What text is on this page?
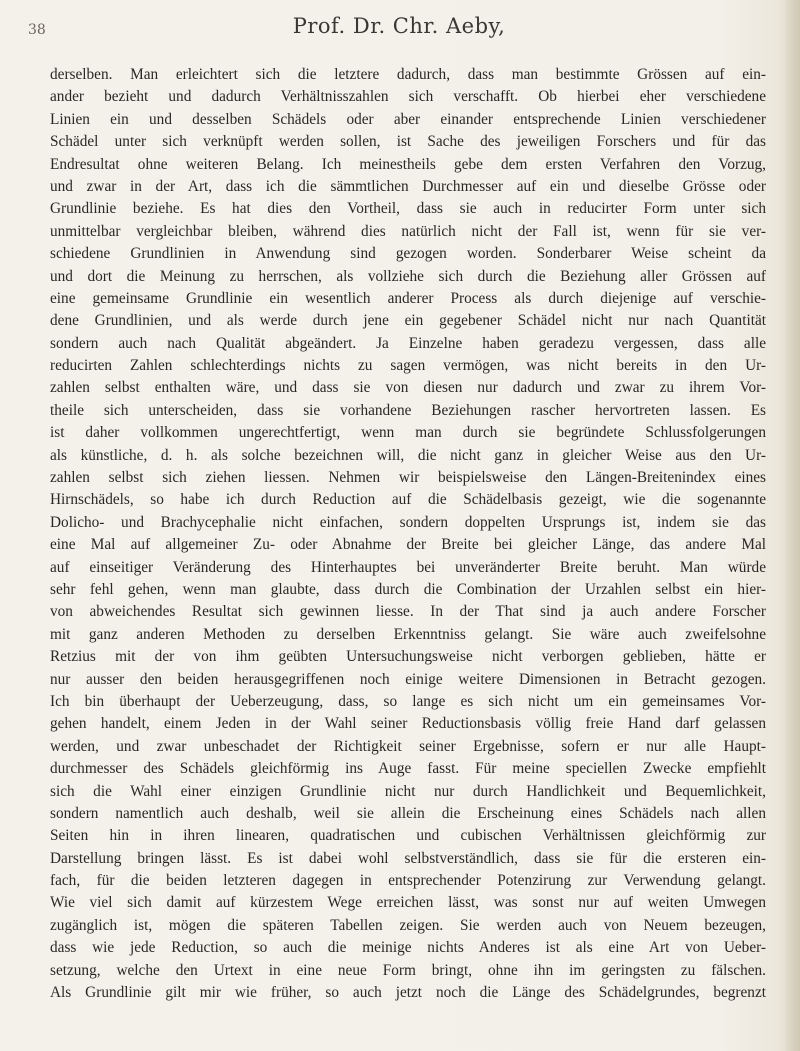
38	Prof. Dr. Chr. Aeby,
derselben. Man erleichtert sich die letztere dadurch, dass man bestimmte Grössen auf ein-
ander bezieht und dadurch Verhältnisszahlen sich verschafft. Ob hierbei eher verschiedene
Linien ein und desselben Schädels oder aber einander entsprechende Linien verschiedener
Schädel unter sich verknüpft werden sollen, ist Sache des jeweiligen Forschers und für das
Endresultat ohne weiteren Belang. Ich meinestheils gebe dem ersten Verfahren den Vorzug,
und zwar in der Art, dass ich die sämmtlichen Durchmesser auf ein und dieselbe Grösse oder
Grundlinie beziehe. Es hat dies den Vortheil, dass sie auch in reducirter Form unter sich
unmittelbar vergleichbar bleiben, während dies natürlich nicht der Fall ist, wenn für sie ver-
schiedene Grundlinien in Anwendung sind gezogen worden. Sonderbarer Weise scheint da
und dort die Meinung zu herrschen, als vollziehe sich durch die Beziehung aller Grössen auf
eine gemeinsame Grundlinie ein wesentlich anderer Process als durch diejenige auf verschie-
dene Grundlinien, und als werde durch jene ein gegebener Schädel nicht nur nach Quantität
sondern auch nach Qualität abgeändert. Ja Einzelne haben geradezu vergessen, dass alle
reducirten Zahlen schlechterdings nichts zu sagen vermögen, was nicht bereits in den Ur-
zahlen selbst enthalten wäre, und dass sie von diesen nur dadurch und zwar zu ihrem Vor-
theile sich unterscheiden, dass sie vorhandene Beziehungen rascher hervortreten lassen. Es
ist daher vollkommen ungerechtfertigt, wenn man durch sie begründete Schlussfolgerungen
als künstliche, d. h. als solche bezeichnen will, die nicht ganz in gleicher Weise aus den Ur-
zahlen selbst sich ziehen liessen. Nehmen wir beispielsweise den Längen-Breitenindex eines
Hirnschädels, so habe ich durch Reduction auf die Schädelbasis gezeigt, wie die sogenannte
Dolicho- und Brachycephalie nicht einfachen, sondern doppelten Ursprungs ist, indem sie das
eine Mal auf allgemeiner Zu- oder Abnahme der Breite bei gleicher Länge, das andere Mal
auf einseitiger Veränderung des Hinterhauptes bei unveränderter Breite beruht. Man würde
sehr fehl gehen, wenn man glaubte, dass durch die Combination der Urzahlen selbst ein hier-
von abweichendes Resultat sich gewinnen liesse. In der That sind ja auch andere Forscher
mit ganz anderen Methoden zu derselben Erkenntniss gelangt. Sie wäre auch zweifelsohne
Retzius mit der von ihm geübten Untersuchungsweise nicht verborgen geblieben, hätte er
nur ausser den beiden herausgegriffenen noch einige weitere Dimensionen in Betracht gezogen.
Ich bin überhaupt der Ueberzeugung, dass, so lange es sich nicht um ein gemeinsames Vor-
gehen handelt, einem Jeden in der Wahl seiner Reductionsbasis völlig freie Hand darf gelassen
werden, und zwar unbeschadet der Richtigkeit seiner Ergebnisse, sofern er nur alle Haupt-
durchmesser des Schädels gleichförmig ins Auge fasst. Für meine speciellen Zwecke empfiehlt
sich die Wahl einer einzigen Grundlinie nicht nur durch Handlichkeit und Bequemlichkeit,
sondern namentlich auch deshalb, weil sie allein die Erscheinung eines Schädels nach allen
Seiten hin in ihren linearen, quadratischen und cubischen Verhältnissen gleichförmig zur
Darstellung bringen lässt. Es ist dabei wohl selbstverständlich, dass sie für die ersteren ein-
fach, für die beiden letzteren dagegen in entsprechender Potenzirung zur Verwendung gelangt.
Wie viel sich damit auf kürzestem Wege erreichen lässt, was sonst nur auf weiten Umwegen
zugänglich ist, mögen die späteren Tabellen zeigen. Sie werden auch von Neuem bezeugen,
dass wie jede Reduction, so auch die meinige nichts Anderes ist als eine Art von Ueber-
setzung, welche den Urtext in eine neue Form bringt, ohne ihn im geringsten zu fälschen.
Als Grundlinie gilt mir wie früher, so auch jetzt noch die Länge des Schädelgrundes, begrenzt
